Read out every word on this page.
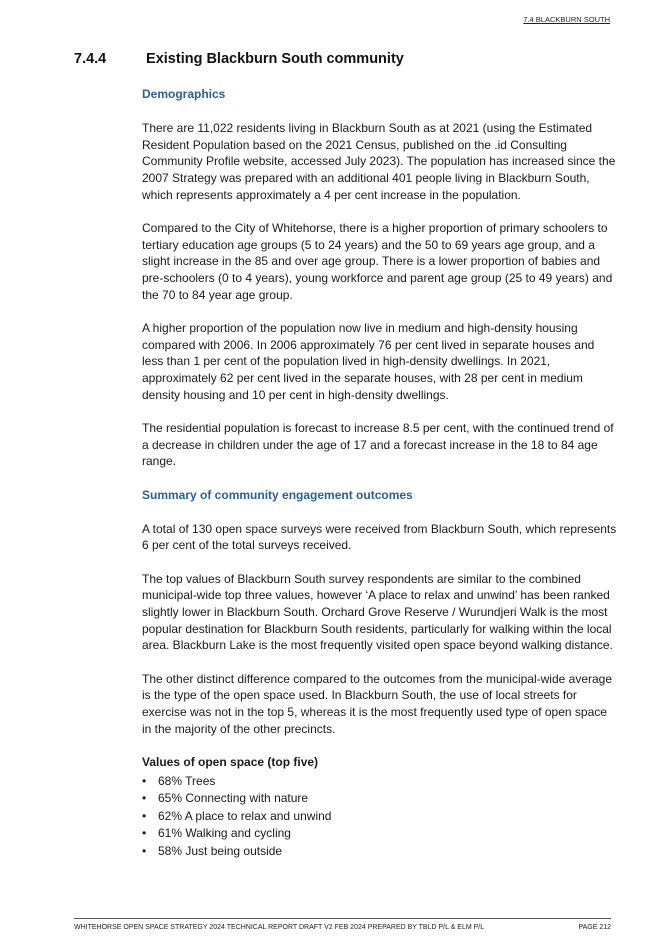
7.4 BLACKBURN SOUTH
7.4.4	Existing Blackburn South community
Demographics

There are 11,022 residents living in Blackburn South as at 2021 (using the Estimated Resident Population based on the 2021 Census, published on the .id Consulting Community Profile website, accessed July 2023). The population has increased since the 2007 Strategy was prepared with an additional 401 people living in Blackburn South, which represents approximately a 4 per cent increase in the population.

Compared to the City of Whitehorse, there is a higher proportion of primary schoolers to tertiary education age groups (5 to 24 years) and the 50 to 69 years age group, and a slight increase in the 85 and over age group. There is a lower proportion of babies and pre-schoolers (0 to 4 years), young workforce and parent age group (25 to 49 years) and the 70 to 84 year age group.

A higher proportion of the population now live in medium and high-density housing compared with 2006. In 2006 approximately 76 per cent lived in separate houses and less than 1 per cent of the population lived in high-density dwellings. In 2021, approximately 62 per cent lived in the separate houses, with 28 per cent in medium density housing and 10 per cent in high-density dwellings.

The residential population is forecast to increase 8.5 per cent, with the continued trend of a decrease in children under the age of 17 and a forecast increase in the 18 to 84 age range.

Summary of community engagement outcomes

A total of 130 open space surveys were received from Blackburn South, which represents 6 per cent of the total surveys received.

The top values of Blackburn South survey respondents are similar to the combined municipal-wide top three values, however ‘A place to relax and unwind’ has been ranked slightly lower in Blackburn South. Orchard Grove Reserve / Wurundjeri Walk is the most popular destination for Blackburn South residents, particularly for walking within the local area. Blackburn Lake is the most frequently visited open space beyond walking distance.

The other distinct difference compared to the outcomes from the municipal-wide average is the type of the open space used. In Blackburn South, the use of local streets for exercise was not in the top 5, whereas it is the most frequently used type of open space in the majority of the other precincts.

Values of open space (top five)
• 68% Trees
• 65% Connecting with nature
• 62% A place to relax and unwind
• 61% Walking and cycling
• 58% Just being outside
WHITEHORSE OPEN SPACE STRATEGY 2024 TECHNICAL REPORT DRAFT V2 FEB 2024 PREPARED BY TBLD P/L & ELM P/L	PAGE 212
